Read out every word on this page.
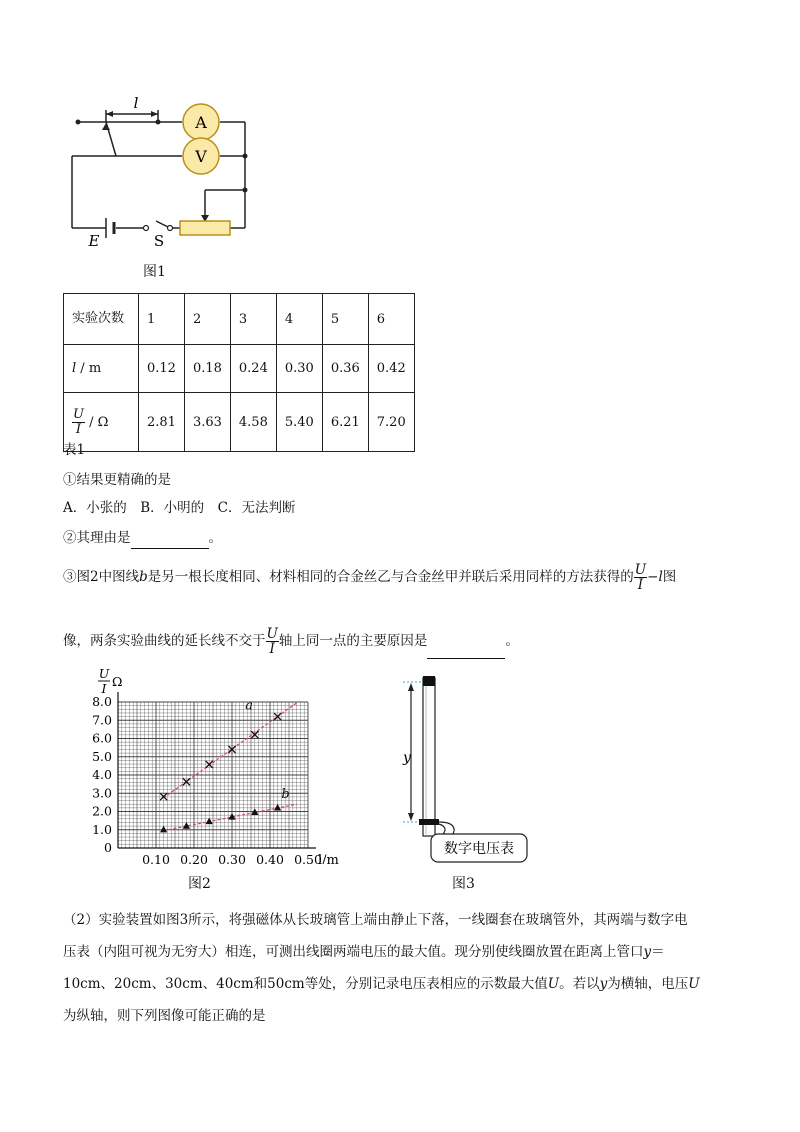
A
V
l
E	S
图1
实验次数	1	2	3	4	5	6
l / m	0.12	0.18	0.24	0.30	0.36	0.42

$\frac{U}{I}$ / Ω	2.81	3.63	4.58	5.40	6.21	7.20
表1
①结果更精确的是
A．小张的　B．小明的　C．无法判断
②其理由是	。
③图2中图线b是另一根长度相同、材料相同的合金丝乙与合金丝甲并联后采用同样的方法获得的 $\frac{U}{I} -l$图
像，两条实验曲线的延长线不交于 $\frac{U}{I}$ 轴上同一点的主要原因是	。
8.0
7.0
6.0
5.0
4.0
3.0
2.0
1.0
0
0.10 0.20 0.30 0.40 0.50
l/m
U
I Ω
a
b
图2
y
数字电压表
图3
（2）实验装置如图3所示，将强磁体从长玻璃管上端由静止下落，一线圈套在玻璃管外，其两端与数字电
压表（内阻可视为无穷大）相连，可测出线圈两端电压的最大值。现分别使线圈放置在距离上管口y＝
10cm、20cm、30cm、40cm和50cm等处，分别记录电压表相应的示数最大值U。若以y为横轴，电压U
为纵轴，则下列图像可能正确的是
